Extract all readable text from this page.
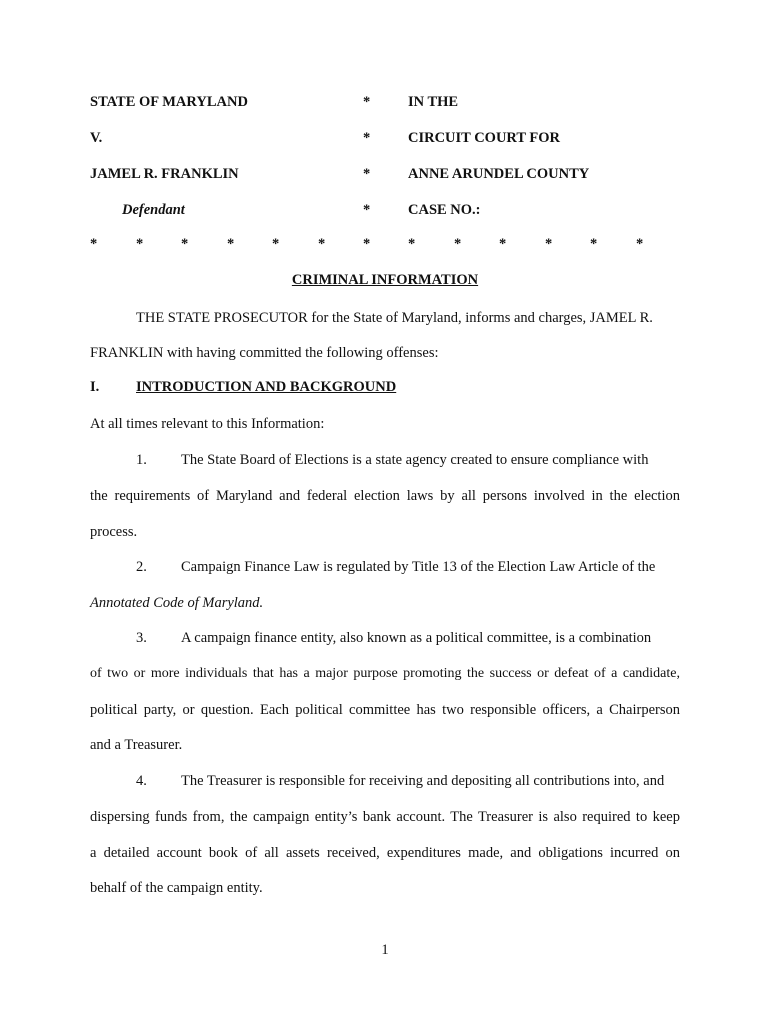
STATE OF MARYLAND	*	IN THE
V.	*	CIRCUIT COURT FOR
JAMEL R. FRANKLIN	*	ANNE ARUNDEL COUNTY
Defendant	*	CASE NO.:
*	*	*	*	*	*	*	*	*	*	*	*	*
CRIMINAL INFORMATION
THE STATE PROSECUTOR for the State of Maryland, informs and charges, JAMEL R.
FRANKLIN with having committed the following offenses:
I.	INTRODUCTION AND BACKGROUND
At all times relevant to this Information:
1. The State Board of Elections is a state agency created to ensure compliance with
the requirements of Maryland and federal election laws by all persons involved in the election
process.
2. Campaign Finance Law is regulated by Title 13 of the Election Law Article of the
Annotated Code of Maryland.
3. A campaign finance entity, also known as a political committee, is a combination
of two or more individuals that has a major purpose promoting the success or defeat of a candidate,
political party, or question. Each political committee has two responsible officers, a Chairperson
and a Treasurer.
4. The Treasurer is responsible for receiving and depositing all contributions into, and
dispersing funds from, the campaign entity’s bank account. The Treasurer is also required to keep
a detailed account book of all assets received, expenditures made, and obligations incurred on
behalf of the campaign entity.
1
